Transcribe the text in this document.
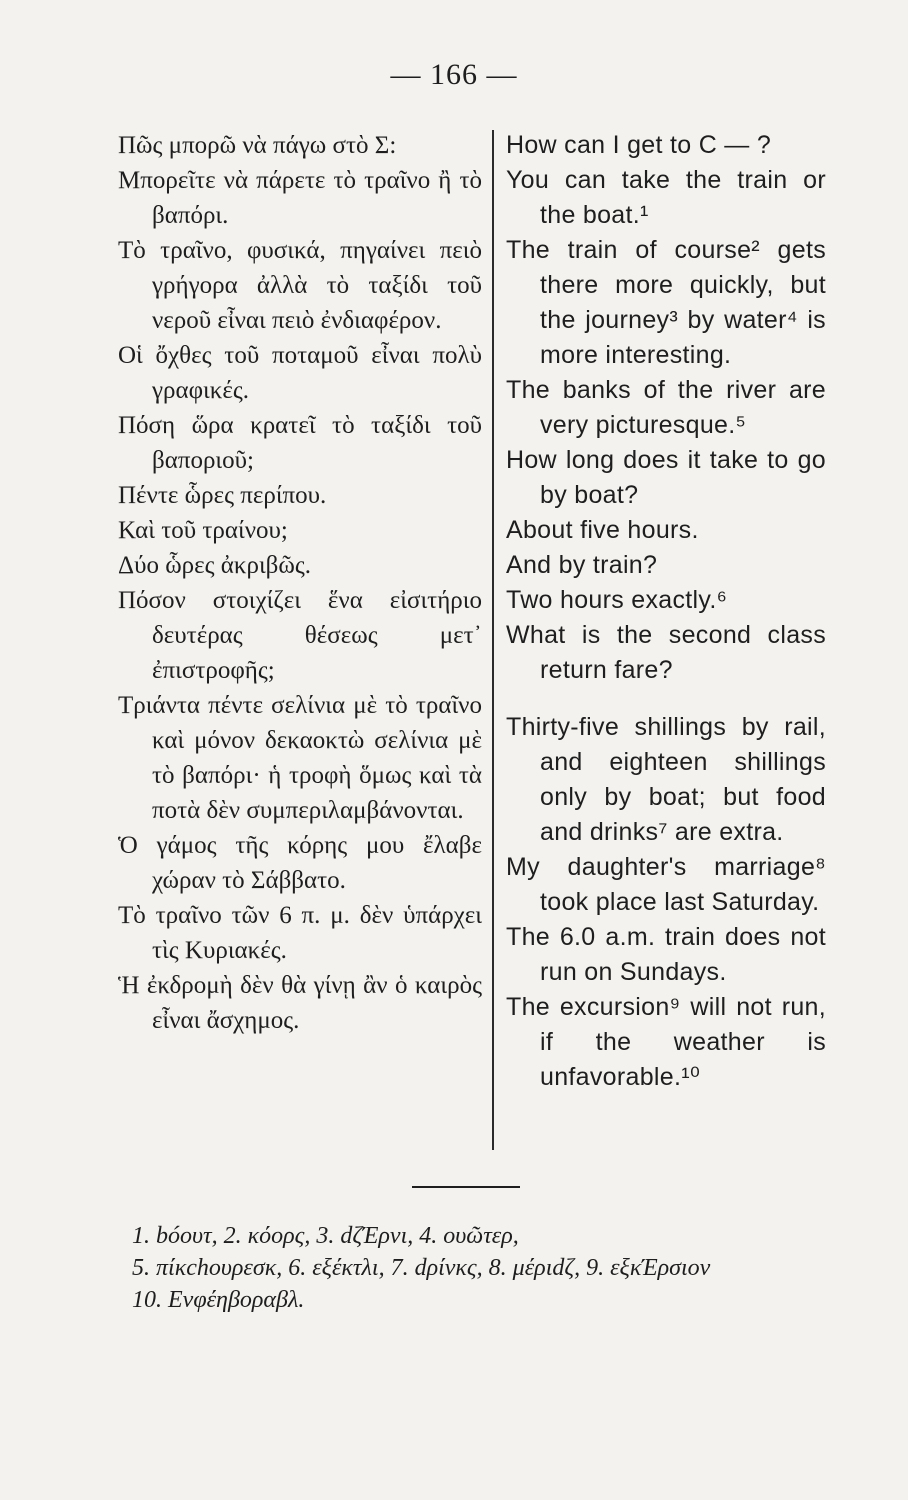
— 166 —
Πῶς μπορῶ νὰ πάγω στὸ Σ:
Μπορεῖτε νὰ πάρετε τὸ τραῖνο ἢ τὸ βαπόρι.
Τὸ τραῖνο, φυσικά, πηγαίνει πειὸ γρήγορα ἀλλὰ τὸ ταξίδι τοῦ νεροῦ εἶναι πειὸ ἐνδιαφέρον.
Οἱ ὄχθες τοῦ ποταμοῦ εἶναι πολὺ γραφικές.
Πόση ὥρα κρατεῖ τὸ ταξίδι τοῦ βαποριοῦ;
Πέντε ὧρες περίπου.
Καὶ τοῦ τραίνου;
Δύο ὧρες ἀκριβῶς.
Πόσον στοιχίζει ἕνα εἰσιτήριο δευτέρας θέσεως μετ᾽ ἐπιστροφῆς;
Τριάντα πέντε σελίνια μὲ τὸ τραῖνο καὶ μόνον δεκαοκτὼ σελίνια μὲ τὸ βαπόρι· ἡ τροφὴ ὅμως καὶ τὰ ποτὰ δὲν συμπεριλαμβάνονται.
Ὁ γάμος τῆς κόρης μου ἔλαβε χώραν τὸ Σάββατο.
Τὸ τραῖνο τῶν 6 π. μ. δὲν ὑπάρχει τὶς Κυριακές.
Ἡ ἐκδρομὴ δὲν θὰ γίνῃ ἂν ὁ καιρὸς εἶναι ἄσχημος.
How can I get to C — ?
You can take the train or the boat.¹
The train of course² gets there more quickly, but the journey³ by water⁴ is more interesting.
The banks of the river are very picturesque.⁵
How long does it take to go by boat?
About five hours.
And by train?
Two hours exactly.⁶
What is the second class return fare?
Thirty-five shillings by rail, and eighteen shillings only by boat; but food and drinks⁷ are extra.
My daughter's marriage⁸ took place last Saturday.
The 6.0 a.m. train does not run on Sundays.
The excursion⁹ will not run, if the weather is unfavorable.¹⁰
1. bóουτ, 2. κόορς, 3. dζΈρνι, 4. ουῶτερ,
5. πίκchουρεσκ, 6. εξέκτλι, 7. dρίνκς, 8. μέριdζ, 9. εξκΈρσιον
10. Ενφέηβοραβλ.
